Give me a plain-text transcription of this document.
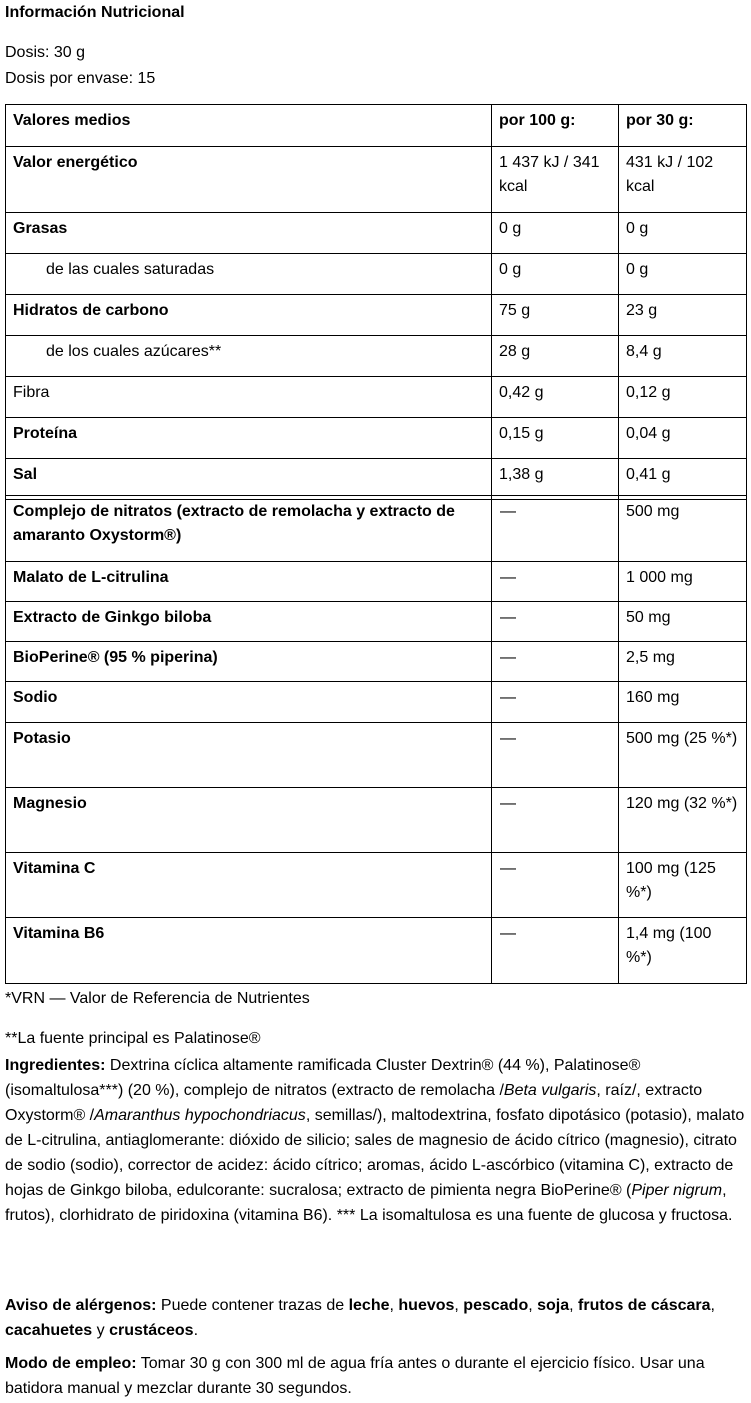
Información Nutricional
Dosis: 30 g
Dosis por envase: 15
Valores medios	por 100 g:	por 30 g:
Valor energético	1 437 kJ / 341 kcal	431 kJ / 102 kcal
Grasas	0 g	0 g
de las cuales saturadas	0 g	0 g
Hidratos de carbono	75 g	23 g
de los cuales azúcares**	28 g	8,4 g
Fibra	0,42 g	0,12 g
Proteína	0,15 g	0,04 g
Sal	1,38 g	0,41 g
Complejo de nitratos (extracto de remolacha y extracto de amaranto Oxystorm®)	—	500 mg
Malato de L-citrulina	—	1 000 mg
Extracto de Ginkgo biloba	—	50 mg
BioPerine® (95 % piperina)	—	2,5 mg
Sodio	—	160 mg
Potasio	—	500 mg (25 %*)
Magnesio	—	120 mg (32 %*)
Vitamina C	—	100 mg (125 %*)
Vitamina B6	—	1,4 mg (100 %*)
*VRN — Valor de Referencia de Nutrientes
**La fuente principal es Palatinose®
Ingredientes: Dextrina cíclica altamente ramificada Cluster Dextrin® (44 %), Palatinose® (isomaltulosa***) (20 %), complejo de nitratos (extracto de remolacha /Beta vulgaris, raíz/, extracto Oxystorm® /Amaranthus hypochondriacus, semillas/), maltodextrina, fosfato dipotásico (potasio), malato de L-citrulina, antiaglomerante: dióxido de silicio; sales de magnesio de ácido cítrico (magnesio), citrato de sodio (sodio), corrector de acidez: ácido cítrico; aromas, ácido L-ascórbico (vitamina C), extracto de hojas de Ginkgo biloba, edulcorante: sucralosa; extracto de pimienta negra BioPerine® (Piper nigrum, frutos), clorhidrato de piridoxina (vitamina B6). *** La isomaltulosa es una fuente de glucosa y fructosa.
Aviso de alérgenos: Puede contener trazas de leche, huevos, pescado, soja, frutos de cáscara, cacahuetes y crustáceos.
Modo de empleo: Tomar 30 g con 300 ml de agua fría antes o durante el ejercicio físico. Usar una batidora manual y mezclar durante 30 segundos.
